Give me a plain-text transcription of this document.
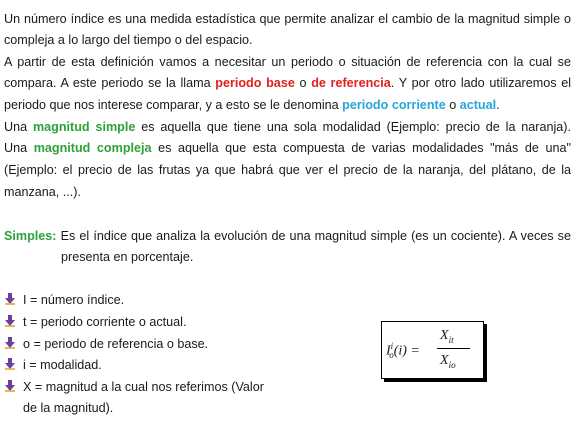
Un número índice es una medida estadística que permite analizar el cambio de la magnitud simple o
compleja a lo largo del tiempo o del espacio.
A partir de esta definición vamos a necesitar un periodo o situación de referencia con la cual se
compara. A este periodo se la llama periodo base o de referencia. Y por otro lado utilizaremos el
periodo que nos interese comparar, y a esto se le denomina periodo corriente o actual.
Una magnitud simple es aquella que tiene una sola modalidad (Ejemplo: precio de la naranja).
Una magnitud compleja es aquella que esta compuesta de varias modalidades "más de una"
(Ejemplo: el precio de las frutas ya que habrá que ver el precio de la naranja, del plátano, de la
manzana, ...).
Simples: Es el índice que analiza la evolución de una magnitud simple (es un cociente). A veces se
presenta en porcentaje.
I = número índice.
t = periodo corriente o actual.
o = periodo de referencia o base.
i = modalidad.
X = magnitud a la cual nos referimos (Valor
de la magnitud).
$I^i_o(i)$ =
$X_{it}$
$X_{io}$
